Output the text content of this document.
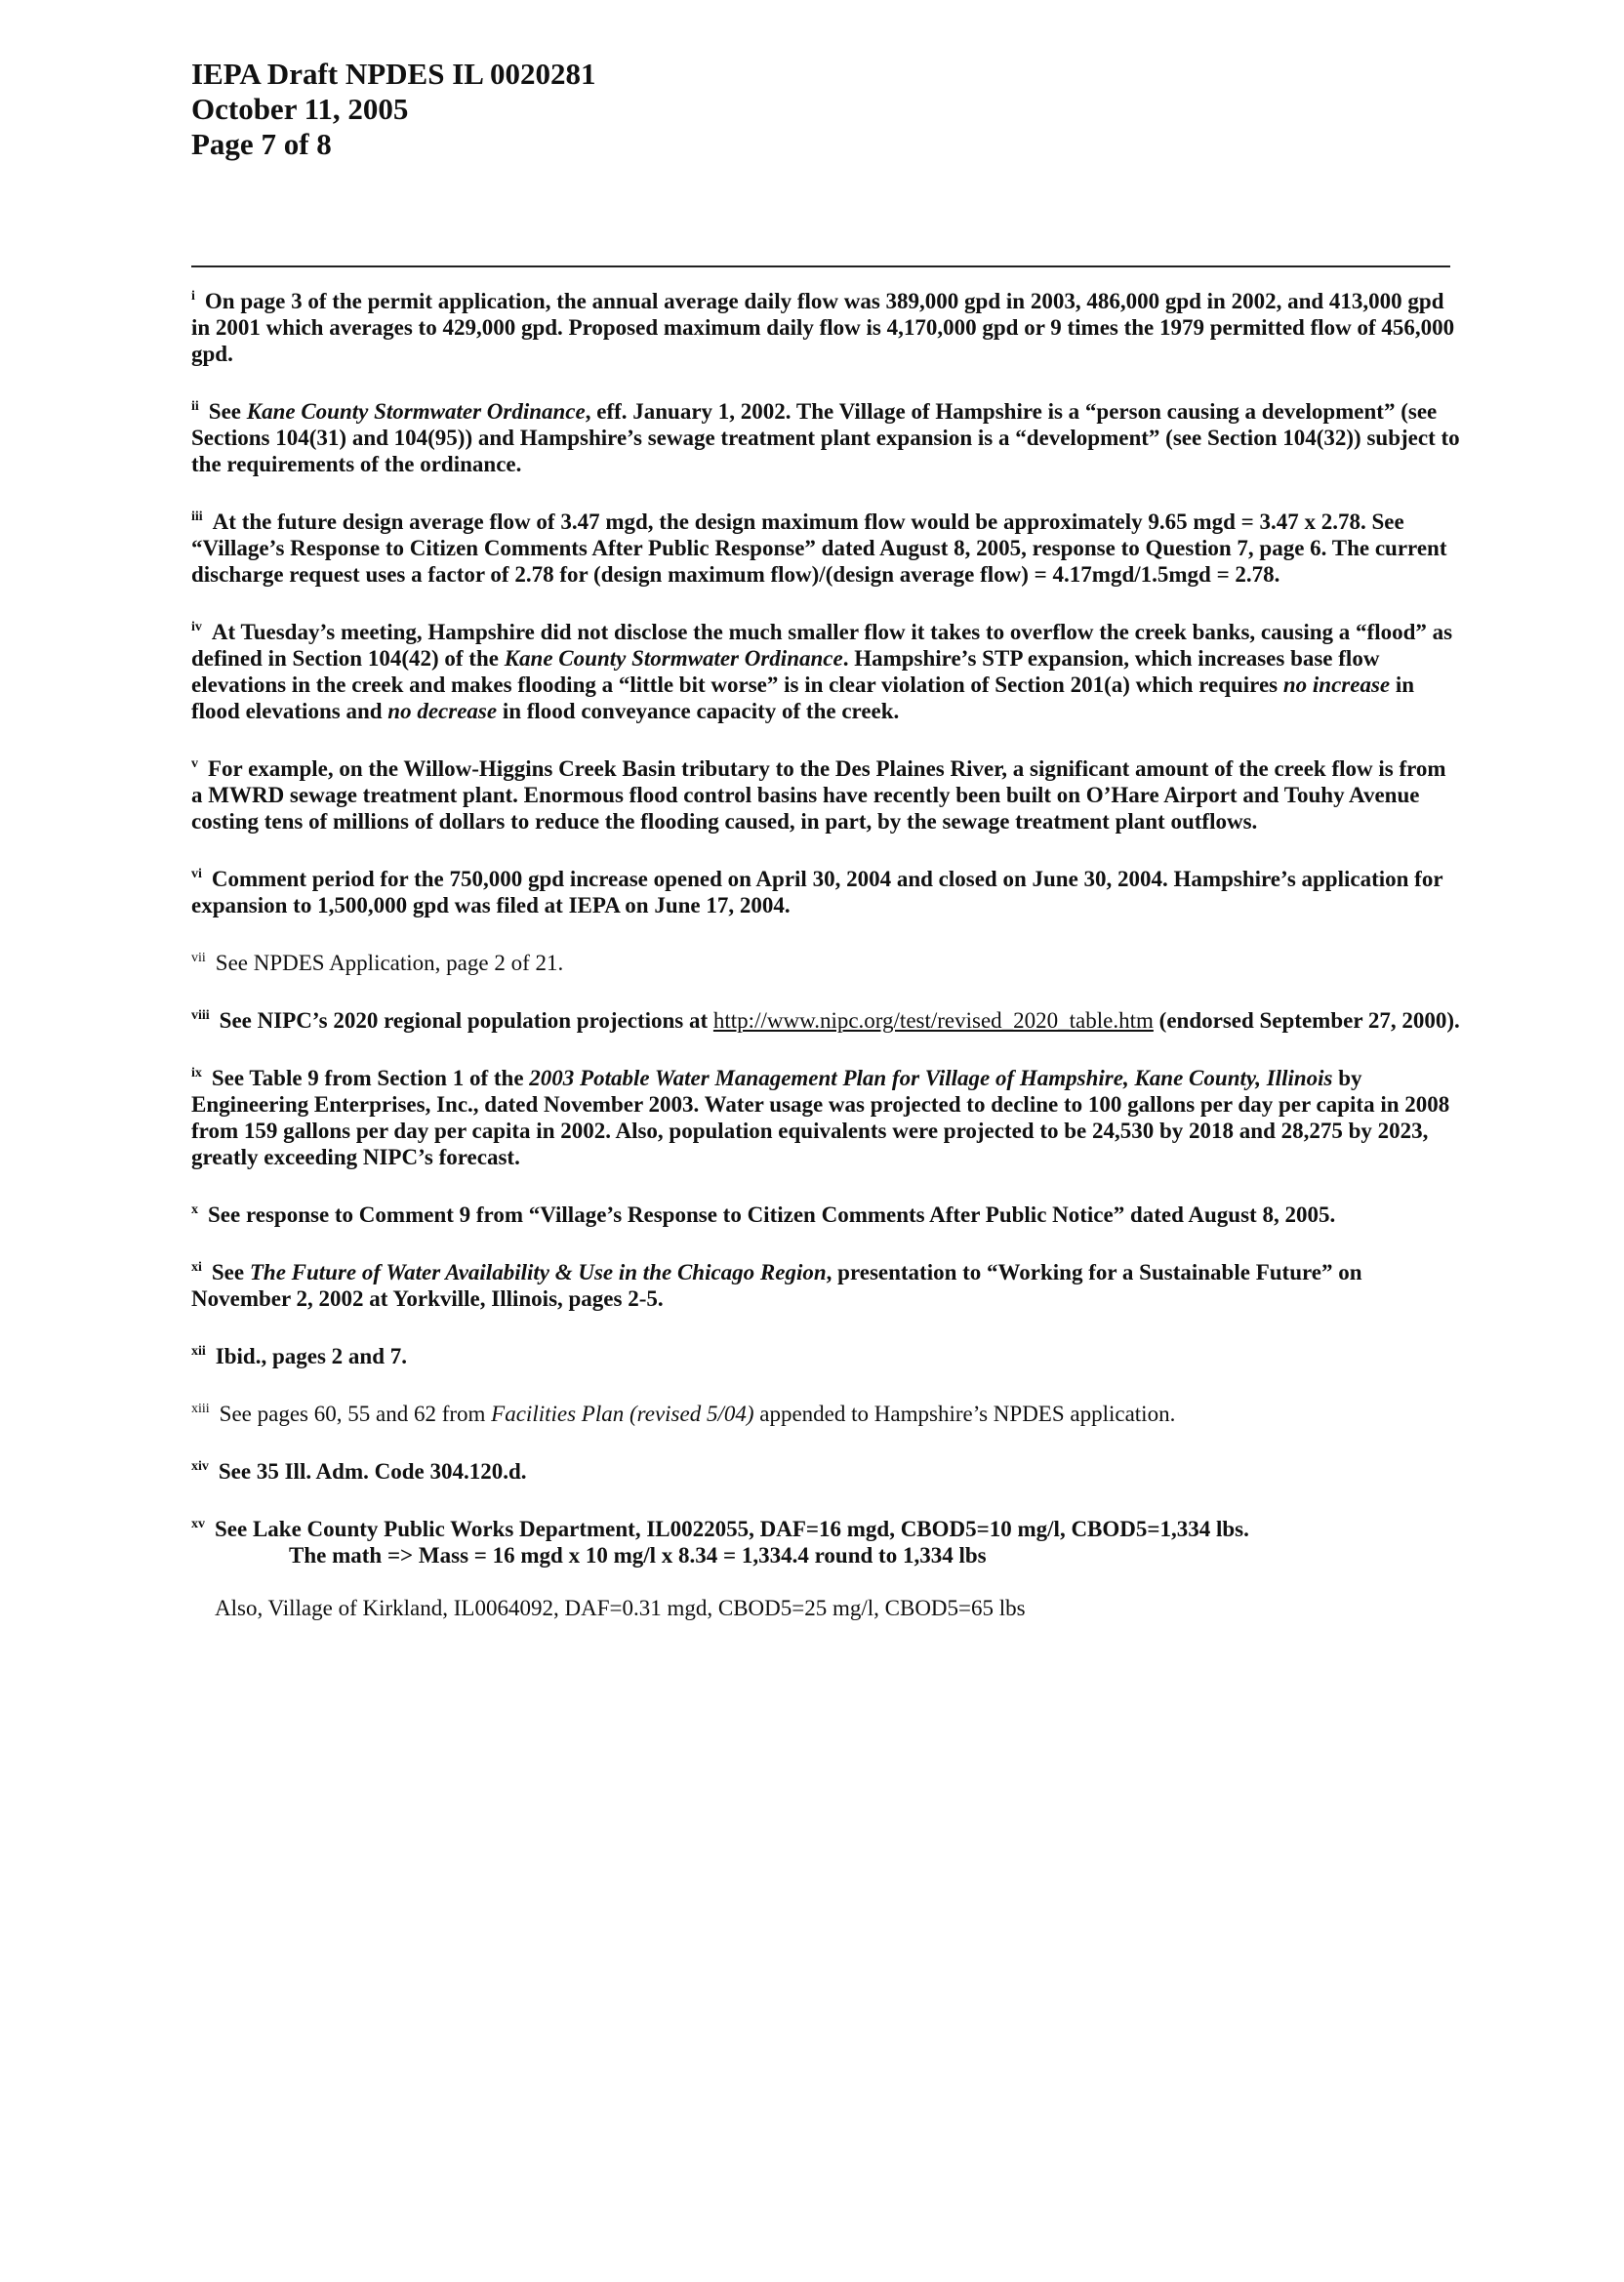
IEPA Draft NPDES IL 0020281
October 11, 2005
Page 7 of 8

$^i$ On page 3 of the permit application, the annual average daily flow was 389,000 gpd in 2003, 486,000 gpd in 2002, and 413,000 gpd in 2001 which averages to 429,000 gpd. Proposed maximum daily flow is 4,170,000 gpd or 9 times the 1979 permitted flow of 456,000 gpd.

$^{ii}$ See Kane County Stormwater Ordinance, eff. January 1, 2002. The Village of Hampshire is a “person causing a development” (see Sections 104(31) and 104(95)) and Hampshire’s sewage treatment plant expansion is a “development” (see Section 104(32)) subject to the requirements of the ordinance.

$^{iii}$ At the future design average flow of 3.47 mgd, the design maximum flow would be approximately 9.65 mgd = 3.47 x 2.78. See “Village’s Response to Citizen Comments After Public Response” dated August 8, 2005, response to Question 7, page 6. The current discharge request uses a factor of 2.78 for (design maximum flow)/(design average flow) = 4.17mgd/1.5mgd = 2.78.

$^{iv}$ At Tuesday’s meeting, Hampshire did not disclose the much smaller flow it takes to overflow the creek banks, causing a “flood” as defined in Section 104(42) of the Kane County Stormwater Ordinance. Hampshire’s STP expansion, which increases base flow elevations in the creek and makes flooding a “little bit worse” is in clear violation of Section 201(a) which requires no increase in flood elevations and no decrease in flood conveyance capacity of the creek.

$^v$ For example, on the Willow-Higgins Creek Basin tributary to the Des Plaines River, a significant amount of the creek flow is from a MWRD sewage treatment plant. Enormous flood control basins have recently been built on O’Hare Airport and Touhy Avenue costing tens of millions of dollars to reduce the flooding caused, in part, by the sewage treatment plant outflows.

$^{vi}$ Comment period for the 750,000 gpd increase opened on April 30, 2004 and closed on June 30, 2004. Hampshire’s application for expansion to 1,500,000 gpd was filed at IEPA on June 17, 2004.

$^{vii}$ See NPDES Application, page 2 of 21.

$^{viii}$ See NIPC’s 2020 regional population projections at http://www.nipc.org/test/revised_2020_table.htm (endorsed September 27, 2000).

$^{ix}$ See Table 9 from Section 1 of the 2003 Potable Water Management Plan for Village of Hampshire, Kane County, Illinois by Engineering Enterprises, Inc., dated November 2003. Water usage was projected to decline to 100 gallons per day per capita in 2008 from 159 gallons per day per capita in 2002. Also, population equivalents were projected to be 24,530 by 2018 and 28,275 by 2023, greatly exceeding NIPC’s forecast.

$^x$ See response to Comment 9 from “Village’s Response to Citizen Comments After Public Notice” dated August 8, 2005.

$^{xi}$ See The Future of Water Availability & Use in the Chicago Region, presentation to “Working for a Sustainable Future” on November 2, 2002 at Yorkville, Illinois, pages 2-5.

$^{xii}$ Ibid., pages 2 and 7.

$^{xiii}$ See pages 60, 55 and 62 from Facilities Plan (revised 5/04) appended to Hampshire’s NPDES application.

$^{xiv}$ See 35 Ill. Adm. Code 304.120.d.

$^{xv}$ See Lake County Public Works Department, IL0022055, DAF=16 mgd, CBOD5=10 mg/l, CBOD5=1,334 lbs.
The math => Mass = 16 mgd x 10 mg/l x 8.34 = 1,334.4 round to 1,334 lbs

Also, Village of Kirkland, IL0064092, DAF=0.31 mgd, CBOD5=25 mg/l, CBOD5=65 lbs
